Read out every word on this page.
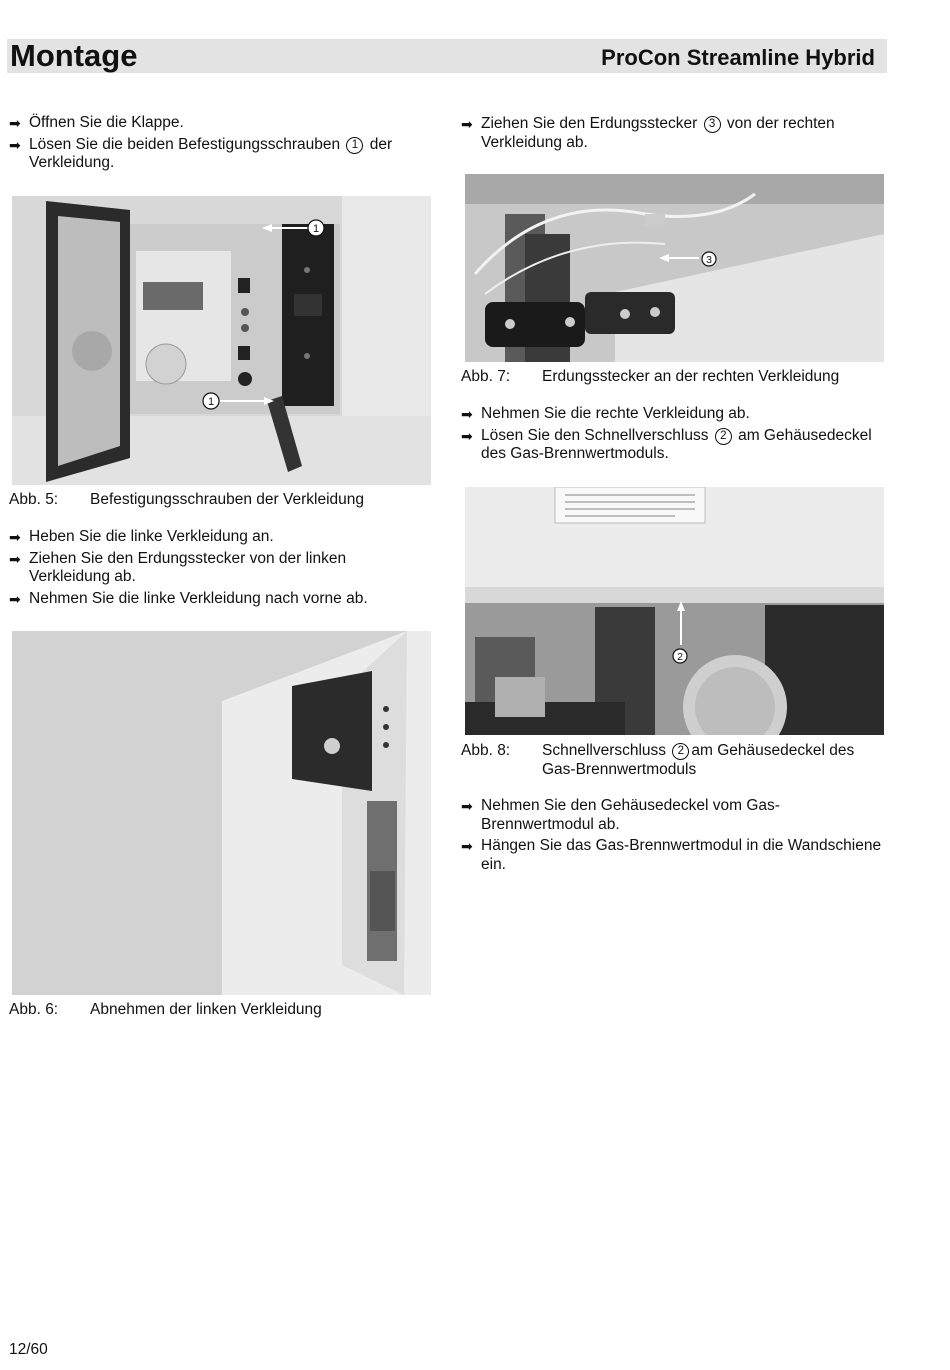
Montage	ProCon Streamline Hybrid
➡ Öffnen Sie die Klappe.
➡ Lösen Sie die beiden Befestigungsschrauben 1 der Verkleidung.
1
1
Abb. 5: Befestigungsschrauben der Verkleidung
➡ Heben Sie die linke Verkleidung an.
➡ Ziehen Sie den Erdungsstecker von der linken Verkleidung ab.
➡ Nehmen Sie die linke Verkleidung nach vorne ab.
Abb. 6: Abnehmen der linken Verkleidung
➡ Ziehen Sie den Erdungsstecker 3 von der rechten Verkleidung ab.
3
Abb. 7: Erdungsstecker an der rechten Verkleidung
➡ Nehmen Sie die rechte Verkleidung ab.
➡ Lösen Sie den Schnellverschluss 2 am Gehäusedeckel des Gas-Brennwertmoduls.
2
Abb. 8: Schnellverschluss 2 am Gehäusedeckel des Gas-Brennwertmoduls
➡ Nehmen Sie den Gehäusedeckel vom Gas-Brennwertmodul ab.
➡ Hängen Sie das Gas-Brennwertmodul in die Wandschiene ein.
12/60
